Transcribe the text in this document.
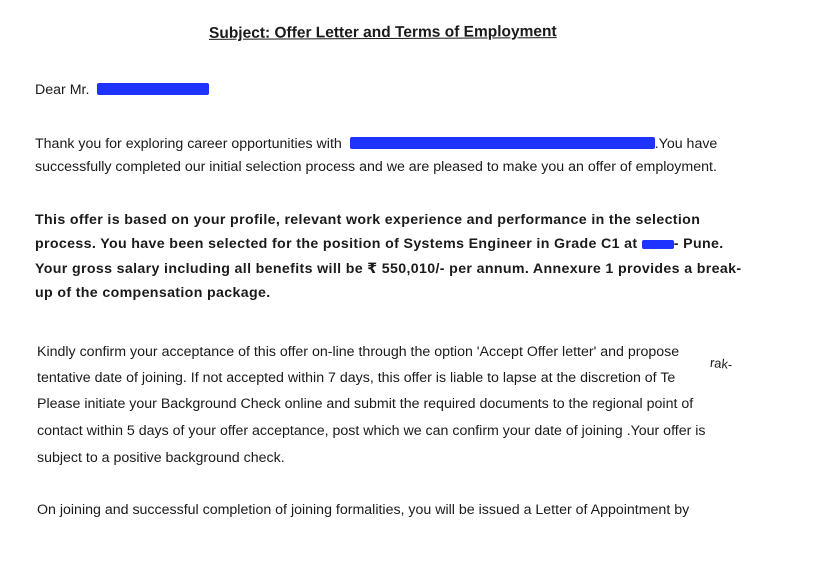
Subject: Offer Letter and Terms of Employment
Dear Mr.
Thank you for exploring career opportunities with	.You have
successfully completed our initial selection process and we are pleased to make you an offer of employment.
This offer is based on your profile, relevant work experience and performance in the selection
process. You have been selected for the position of Systems Engineer in Grade C1 at	- Pune.
Your gross salary including all benefits will be ₹ 550,010/- per annum. Annexure 1 provides a break-
up of the compensation package.
Kindly confirm your acceptance of this offer on-line through the option 'Accept Offer letter' and propose
tentative date of joining. If not accepted within 7 days, this offer is liable to lapse at the discretion of Te
rak-
Please initiate your Background Check online and submit the required documents to the regional point of
contact within 5 days of your offer acceptance, post which we can confirm your date of joining .Your offer is
subject to a positive background check.
On joining and successful completion of joining formalities, you will be issued a Letter of Appointment by
